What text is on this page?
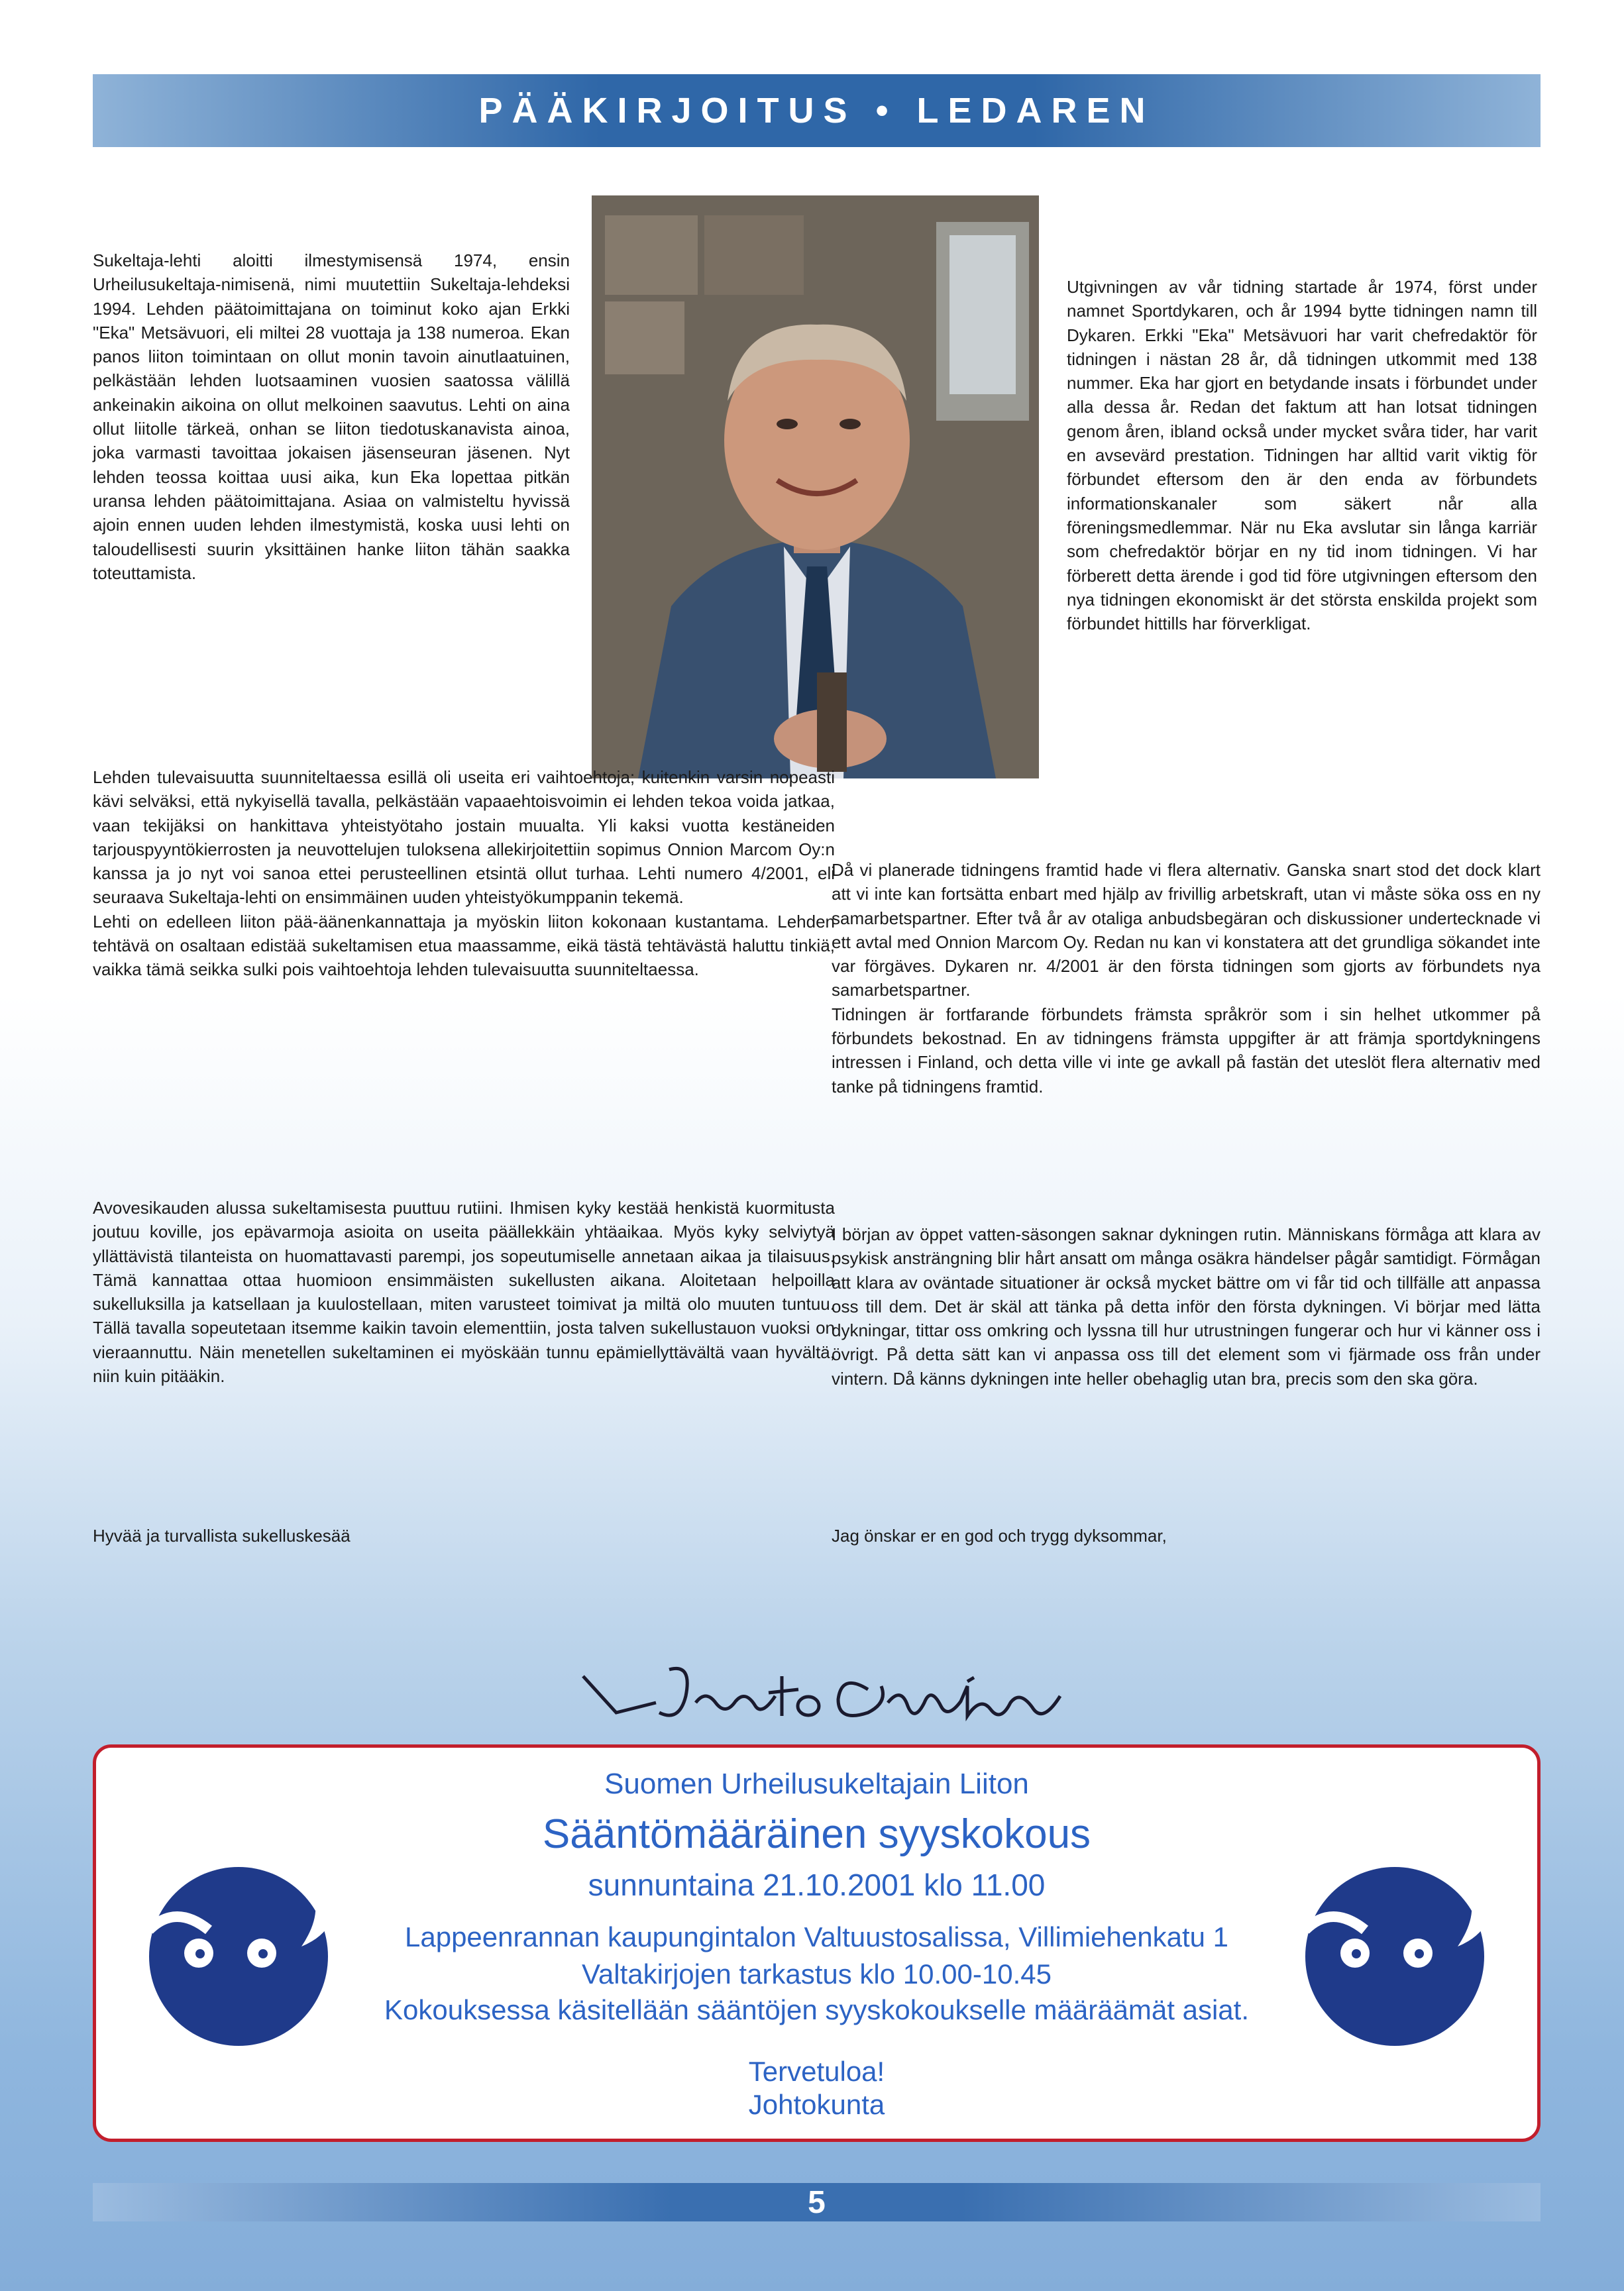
PÄÄKIRJOITUS • LEDAREN

Sukeltaja-lehti aloitti ilmestymisensä 1974, ensin Urheilusukeltaja-nimisenä, nimi muutettiin Sukeltaja-lehdeksi 1994. Lehden päätoimittajana on toiminut koko ajan Erkki "Eka" Metsävuori, eli miltei 28 vuottaja ja 138 numeroa. Ekan panos liiton toimintaan on ollut monin tavoin ainutlaatuinen, pelkästään lehden luotsaaminen vuosien saatossa välillä ankeinakin aikoina on ollut melkoinen saavutus. Lehti on aina ollut liitolle tärkeä, onhan se liiton tiedotuskanavista ainoa, joka varmasti tavoittaa jokaisen jäsenseuran jäsenen. Nyt lehden teossa koittaa uusi aika, kun Eka lopettaa pitkän uransa lehden päätoimittajana. Asiaa on valmisteltu hyvissä ajoin ennen uuden lehden ilmestymistä, koska uusi lehti on taloudellisesti suurin yksittäinen hanke liiton tähän saakka toteuttamista.

Utgivningen av vår tidning startade år 1974, först under namnet Sportdykaren, och år 1994 bytte tidningen namn till Dykaren. Erkki "Eka" Metsävuori har varit chefredaktör för tidningen i nästan 28 år, då tidningen utkommit med 138 nummer. Eka har gjort en betydande insats i förbundet under alla dessa år. Redan det faktum att han lotsat tidningen genom åren, ibland också under mycket svåra tider, har varit en avsevärd prestation. Tidningen har alltid varit viktig för förbundet eftersom den är den enda av förbundets informationskanaler som säkert når alla föreningsmedlemmar. När nu Eka avslutar sin långa karriär som chefredaktör börjar en ny tid inom tidningen. Vi har förberett detta ärende i god tid före utgivningen eftersom den nya tidningen ekonomiskt är det största enskilda projekt som förbundet hittills har förverkligat.

Lehden tulevaisuutta suunniteltaessa esillä oli useita eri vaihtoehtoja; kuitenkin varsin nopeasti kävi selväksi, että nykyisellä tavalla, pelkästään vapaaehtoisvoimin ei lehden tekoa voida jatkaa, vaan tekijäksi on hankittava yhteistyötaho jostain muualta. Yli kaksi vuotta kestäneiden tarjouspyyntökierrosten ja neuvottelujen tuloksena allekirjoitettiin sopimus Onnion Marcom Oy:n kanssa ja jo nyt voi sanoa ettei perusteellinen etsintä ollut turhaa. Lehti numero 4/2001, eli seuraava Sukeltaja-lehti on ensimmäinen uuden yhteistyökumppanin tekemä.

Lehti on edelleen liiton pää-äänenkannattaja ja myöskin liiton kokonaan kustantama. Lehden tehtävä on osaltaan edistää sukeltamisen etua maassamme, eikä tästä tehtävästä haluttu tinkiä, vaikka tämä seikka sulki pois vaihtoehtoja lehden tulevaisuutta suunniteltaessa.

Då vi planerade tidningens framtid hade vi flera alternativ. Ganska snart stod det dock klart att vi inte kan fortsätta enbart med hjälp av frivillig arbetskraft, utan vi måste söka oss en ny samarbetspartner. Efter två år av otaliga anbudsbegäran och diskussioner undertecknade vi ett avtal med Onnion Marcom Oy. Redan nu kan vi konstatera att det grundliga sökandet inte var förgäves. Dykaren nr. 4/2001 är den första tidningen som gjorts av förbundets nya samarbetspartner.

Tidningen är fortfarande förbundets främsta språkrör som i sin helhet utkommer på förbundets bekostnad. En av tidningens främsta uppgifter är att främja sportdykningens intressen i Finland, och detta ville vi inte ge avkall på fastän det uteslöt flera alternativ med tanke på tidningens framtid.

Avovesikauden alussa sukeltamisesta puuttuu rutiini. Ihmisen kyky kestää henkistä kuormitusta joutuu koville, jos epävarmoja asioita on useita päällekkäin yhtäaikaa. Myös kyky selviytyä yllättävistä tilanteista on huomattavasti parempi, jos sopeutumiselle annetaan aikaa ja tilaisuus. Tämä kannattaa ottaa huomioon ensimmäisten sukellusten aikana. Aloitetaan helpoilla sukelluksilla ja katsellaan ja kuulostellaan, miten varusteet toimivat ja miltä olo muuten tuntuu. Tällä tavalla sopeutetaan itsemme kaikin tavoin elementtiin, josta talven sukellustauon vuoksi on vieraannuttu. Näin menetellen sukeltaminen ei myöskään tunnu epämiellyttävältä vaan hyvältä, niin kuin pitääkin.

I början av öppet vatten-säsongen saknar dykningen rutin. Människans förmåga att klara av psykisk ansträngning blir hårt ansatt om många osäkra händelser pågår samtidigt. Förmågan att klara av oväntade situationer är också mycket bättre om vi får tid och tillfälle att anpassa oss till dem. Det är skäl att tänka på detta inför den första dykningen. Vi börjar med lätta dykningar, tittar oss omkring och lyssna till hur utrustningen fungerar och hur vi känner oss i övrigt. På detta sätt kan vi anpassa oss till det element som vi fjärmade oss från under vintern. Då känns dykningen inte heller obehaglig utan bra, precis som den ska göra.

Hyvää ja turvallista sukelluskesää	Jag önskar er en god och trygg dyksommar,

Suomen Urheilusukeltajain Liiton
Sääntömääräinen syyskokous
sunnuntaina 21.10.2001 klo 11.00
Lappeenrannan kaupungintalon Valtuustosalissa, Villimiehenkatu 1
Valtakirjojen tarkastus klo 10.00-10.45
Kokouksessa käsitellään sääntöjen syyskokoukselle määräämät asiat.
Tervetuloa!
Johtokunta
5
